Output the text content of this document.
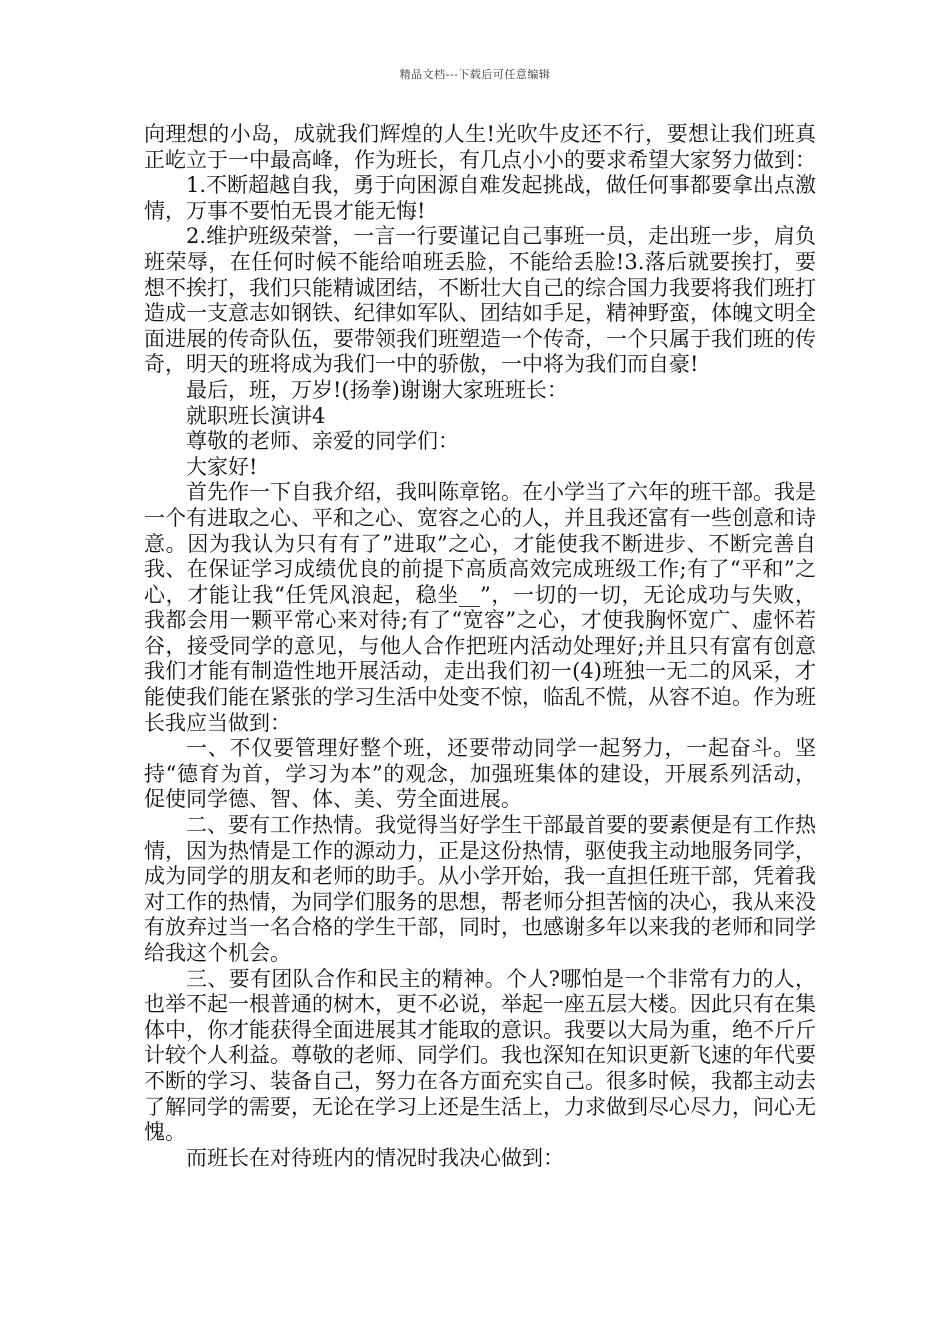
精品文档---下载后可任意编辑

向理想的小岛，成就我们辉煌的人生!光吹牛皮还不行，要想让我们班真正屹立于一中最高峰，作为班长，有几点小小的要求希望大家努力做到：

1.不断超越自我，勇于向困源自难发起挑战，做任何事都要拿出点激情，万事不要怕无畏才能无悔!

2.维护班级荣誉，一言一行要谨记自己事班一员，走出班一步，肩负班荣辱，在任何时候不能给咱班丢脸，不能给丢脸!3.落后就要挨打，要想不挨打，我们只能精诚团结，不断壮大自己的综合国力我要将我们班打造成一支意志如钢铁、纪律如军队、团结如手足，精神野蛮，体魄文明全面进展的传奇队伍，要带领我们班塑造一个传奇，一个只属于我们班的传奇，明天的班将成为我们一中的骄傲，一中将为我们而自豪!

最后，班，万岁!(扬拳)谢谢大家班班长：

就职班长演讲4

尊敬的老师、亲爱的同学们：

大家好!

首先作一下自我介绍，我叫陈章铭。在小学当了六年的班干部。我是一个有进取之心、平和之心、宽容之心的人，并且我还富有一些创意和诗意。因为我认为只有有了”进取”之心，才能使我不断进步、不断完善自我、在保证学习成绩优良的前提下高质高效完成班级工作;有了“平和”之心，才能让我“任凭风浪起，稳坐__”，一切的一切，无论成功与失败，我都会用一颗平常心来对待;有了“宽容”之心，才使我胸怀宽广、虚怀若谷，接受同学的意见，与他人合作把班内活动处理好;并且只有富有创意我们才能有制造性地开展活动，走出我们初一(4)班独一无二的风采，才能使我们能在紧张的学习生活中处变不惊，临乱不慌，从容不迫。作为班长我应当做到：

一、不仅要管理好整个班，还要带动同学一起努力，一起奋斗。坚持“德育为首，学习为本”的观念，加强班集体的建设，开展系列活动，促使同学德、智、体、美、劳全面进展。

二、要有工作热情。我觉得当好学生干部最首要的要素便是有工作热情，因为热情是工作的源动力，正是这份热情，驱使我主动地服务同学，成为同学的朋友和老师的助手。从小学开始，我一直担任班干部，凭着我对工作的热情，为同学们服务的思想，帮老师分担苦恼的决心，我从来没有放弃过当一名合格的学生干部，同时，也感谢多年以来我的老师和同学给我这个机会。

三、要有团队合作和民主的精神。个人?哪怕是一个非常有力的人，也举不起一根普通的树木，更不必说，举起一座五层大楼。因此只有在集体中，你才能获得全面进展其才能取的意识。我要以大局为重，绝不斤斤计较个人利益。尊敬的老师、同学们。我也深知在知识更新飞速的年代要不断的学习、装备自己，努力在各方面充实自己。很多时候，我都主动去了解同学的需要，无论在学习上还是生活上，力求做到尽心尽力，问心无愧。

而班长在对待班内的情况时我决心做到：
